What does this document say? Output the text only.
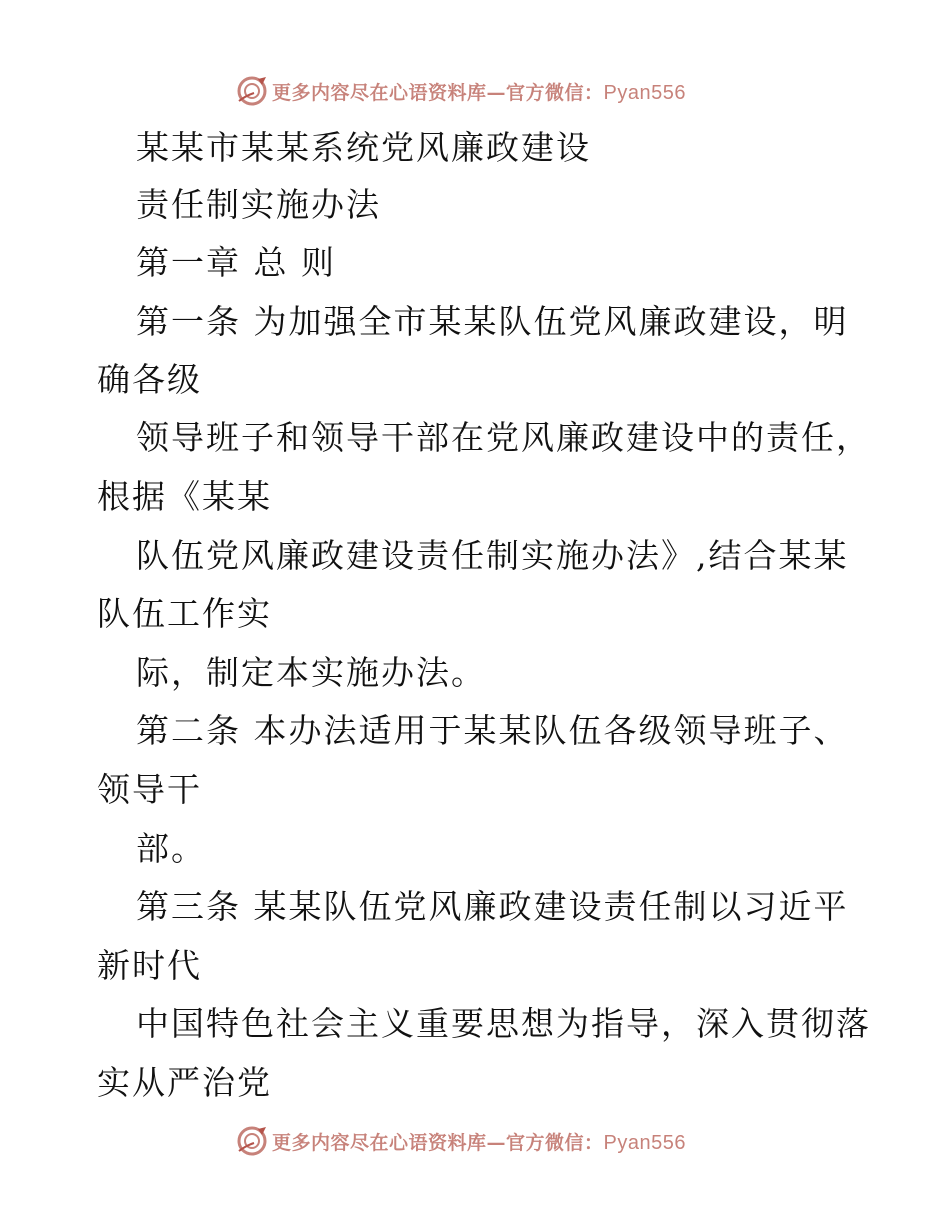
更多内容尽在心语资料库—官方微信：Pyan556
某某市某某系统党风廉政建设
责任制实施办法
第一章 总 则
第一条 为加强全市某某队伍党风廉政建设，明
确各级
领导班子和领导干部在党风廉政建设中的责任，
根据《某某
队伍党风廉政建设责任制实施办法》,结合某某
队伍工作实
际，制定本实施办法。
第二条 本办法适用于某某队伍各级领导班子、
领导干
部。
第三条 某某队伍党风廉政建设责任制以习近平
新时代
中国特色社会主义重要思想为指导，深入贯彻落
实从严治党
更多内容尽在心语资料库—官方微信：Pyan556
